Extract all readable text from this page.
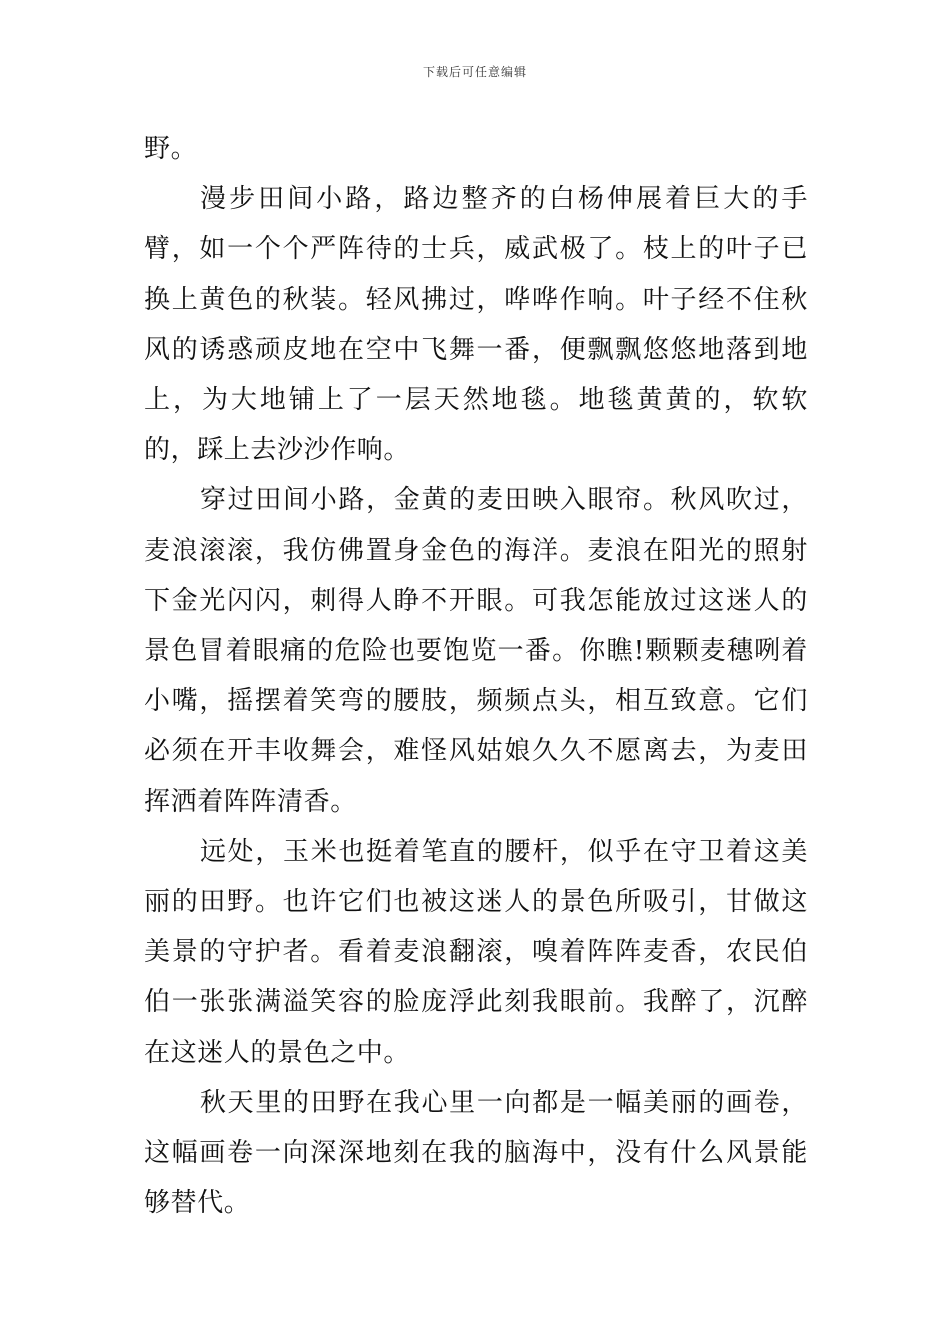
下载后可任意编辑

野。

漫步田间小路，路边整齐的白杨伸展着巨大的手臂，如一个个严阵待的士兵，威武极了。枝上的叶子已换上黄色的秋装。轻风拂过，哗哗作响。叶子经不住秋风的诱惑顽皮地在空中飞舞一番，便飘飘悠悠地落到地上，为大地铺上了一层天然地毯。地毯黄黄的，软软的，踩上去沙沙作响。

穿过田间小路，金黄的麦田映入眼帘。秋风吹过，麦浪滚滚，我仿佛置身金色的海洋。麦浪在阳光的照射下金光闪闪，刺得人睁不开眼。可我怎能放过这迷人的景色冒着眼痛的危险也要饱览一番。你瞧!颗颗麦穗咧着小嘴，摇摆着笑弯的腰肢，频频点头，相互致意。它们必须在开丰收舞会，难怪风姑娘久久不愿离去，为麦田挥洒着阵阵清香。

远处，玉米也挺着笔直的腰杆，似乎在守卫着这美丽的田野。也许它们也被这迷人的景色所吸引，甘做这美景的守护者。看着麦浪翻滚，嗅着阵阵麦香，农民伯伯一张张满溢笑容的脸庞浮此刻我眼前。我醉了，沉醉在这迷人的景色之中。

秋天里的田野在我心里一向都是一幅美丽的画卷，这幅画卷一向深深地刻在我的脑海中，没有什么风景能够替代。
